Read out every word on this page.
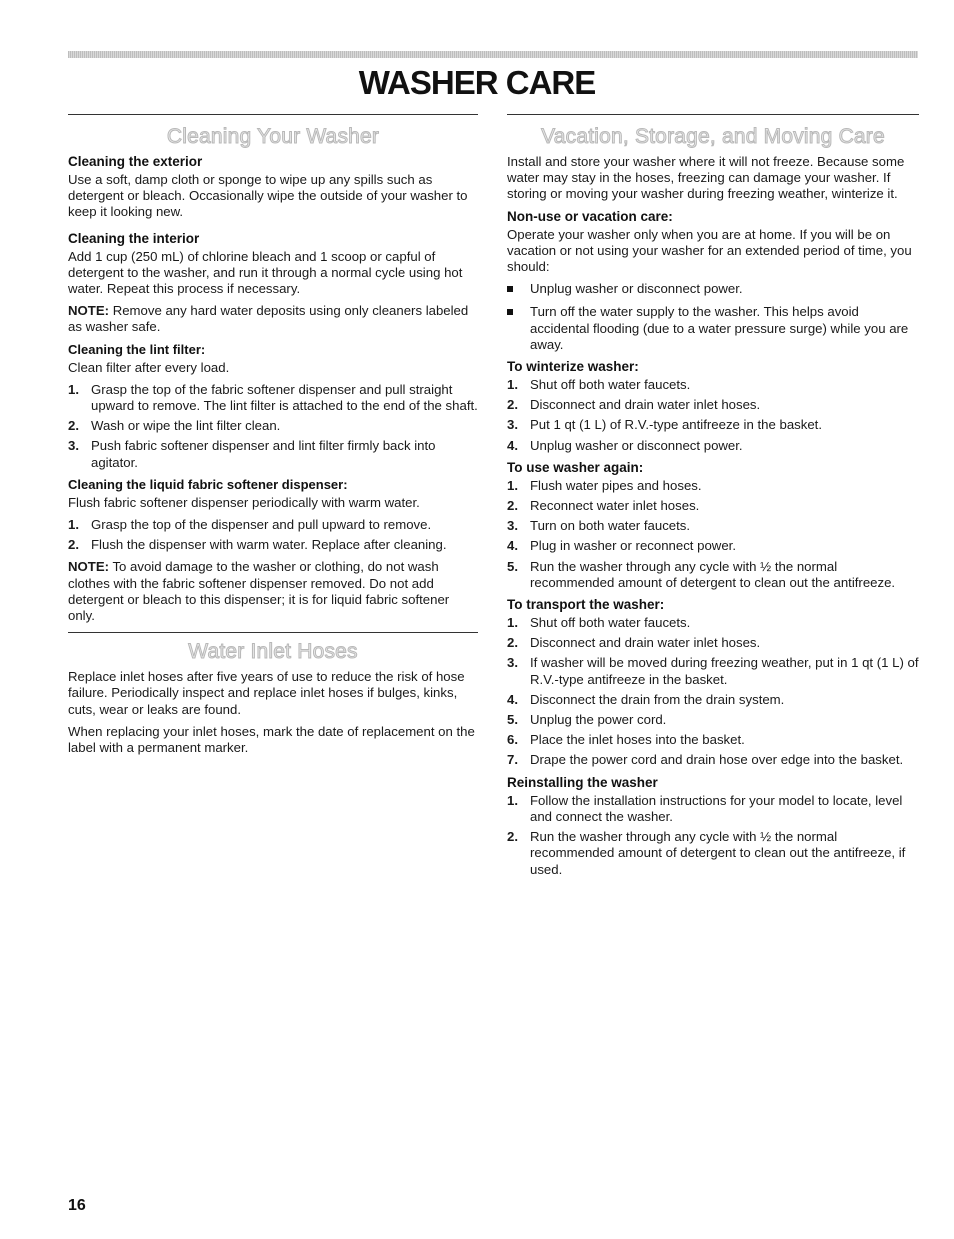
WASHER CARE
Cleaning Your Washer
Cleaning the exterior

Use a soft, damp cloth or sponge to wipe up any spills such as detergent or bleach. Occasionally wipe the outside of your washer to keep it looking new.

Cleaning the interior

Add 1 cup (250 mL) of chlorine bleach and 1 scoop or capful of detergent to the washer, and run it through a normal cycle using hot water. Repeat this process if necessary.

NOTE: Remove any hard water deposits using only cleaners labeled as washer safe.

Cleaning the lint filter:

Clean filter after every load.

1. Grasp the top of the fabric softener dispenser and pull straight upward to remove. The lint filter is attached to the end of the shaft.
2. Wash or wipe the lint filter clean.
3. Push fabric softener dispenser and lint filter firmly back into agitator.
Cleaning the liquid fabric softener dispenser:

Flush fabric softener dispenser periodically with warm water.

1. Grasp the top of the dispenser and pull upward to remove.
2. Flush the dispenser with warm water. Replace after cleaning.

NOTE: To avoid damage to the washer or clothing, do not wash clothes with the fabric softener dispenser removed. Do not add detergent or bleach to this dispenser; it is for liquid fabric softener only.

Water Inlet Hoses

Replace inlet hoses after five years of use to reduce the risk of hose failure. Periodically inspect and replace inlet hoses if bulges, kinks, cuts, wear or leaks are found.

When replacing your inlet hoses, mark the date of replacement on the label with a permanent marker.

Vacation, Storage, and Moving Care

Install and store your washer where it will not freeze. Because some water may stay in the hoses, freezing can damage your washer. If storing or moving your washer during freezing weather, winterize it.

Non-use or vacation care:

Operate your washer only when you are at home. If you will be on vacation or not using your washer for an extended period of time, you should:

Unplug washer or disconnect power.
Turn off the water supply to the washer. This helps avoid accidental flooding (due to a water pressure surge) while you are away.
To winterize washer:
1. Shut off both water faucets.
2. Disconnect and drain water inlet hoses.
3. Put 1 qt (1 L) of R.V.-type antifreeze in the basket.
4. Unplug washer or disconnect power.
To use washer again:
1. Flush water pipes and hoses.
2. Reconnect water inlet hoses.
3. Turn on both water faucets.
4. Plug in washer or reconnect power.
5. Run the washer through any cycle with ½ the normal recommended amount of detergent to clean out the antifreeze.
To transport the washer:
1. Shut off both water faucets.
2. Disconnect and drain water inlet hoses.
3. If washer will be moved during freezing weather, put in 1 qt (1 L) of R.V.-type antifreeze in the basket.
4. Disconnect the drain from the drain system.
5. Unplug the power cord.
6. Place the inlet hoses into the basket.
7. Drape the power cord and drain hose over edge into the basket.
Reinstalling the washer
1. Follow the installation instructions for your model to locate, level and connect the washer.
2. Run the washer through any cycle with ½ the normal recommended amount of detergent to clean out the antifreeze, if used.
16
